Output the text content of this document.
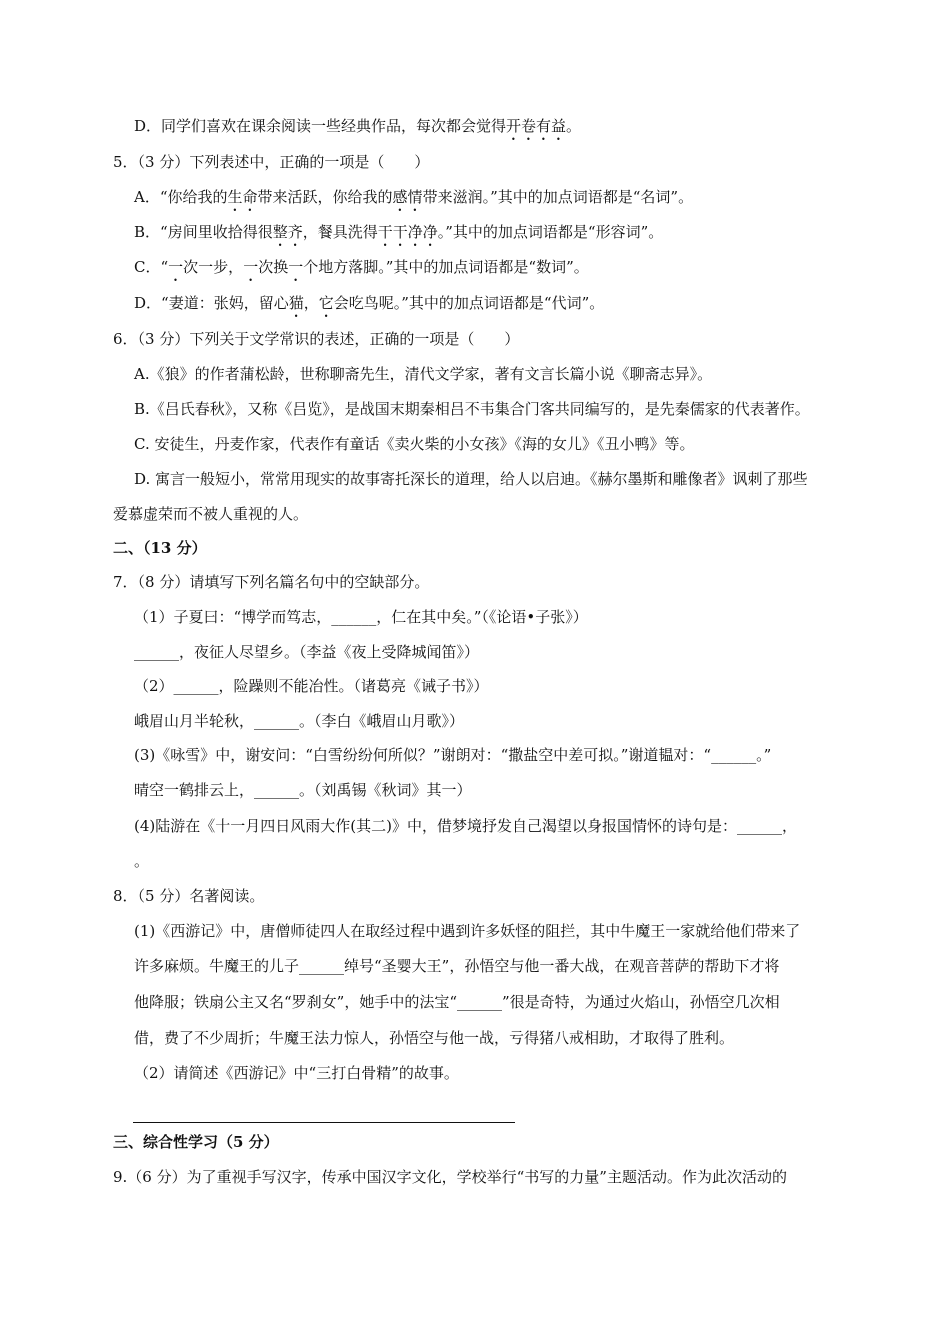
D．同学们喜欢在课余阅读一些经典作品，每次都会觉得开卷有益。
5．（3 分）下列表述中，正确的一项是（　　）
A．“你给我的生命带来活跃，你给我的感情带来滋润。”其中的加点词语都是“名词”。
B．“房间里收拾得很整齐，餐具洗得干干净净。”其中的加点词语都是“形容词”。
C．“一次一步，一次换一个地方落脚。”其中的加点词语都是“数词”。
D．“妻道：张妈，留心猫，它会吃鸟呢。”其中的加点词语都是“代词”。
6．（3 分）下列关于文学常识的表述，正确的一项是（　　）
A.《狼》的作者蒲松龄，世称聊斋先生，清代文学家，著有文言长篇小说《聊斋志异》。
B.《吕氏春秋》，又称《吕览》，是战国末期秦相吕不韦集合门客共同编写的，是先秦儒家的代表著作。
C. 安徒生，丹麦作家，代表作有童话《卖火柴的小女孩》《海的女儿》《丑小鸭》等。
D. 寓言一般短小，常常用现实的故事寄托深长的道理，给人以启迪。《赫尔墨斯和雕像者》讽刺了那些
爱慕虚荣而不被人重视的人。
二、（13 分）
7．（8 分）请填写下列名篇名句中的空缺部分。
（1）子夏曰：“博学而笃志，______，仁在其中矣。”（《论语•子张》）
______，夜征人尽望乡。（李益《夜上受降城闻笛》）
（2）______，险躁则不能冶性。（诸葛亮《诫子书》）
峨眉山月半轮秋，______。（李白《峨眉山月歌》）
(3)《咏雪》中，谢安问：“白雪纷纷何所似？”谢朗对：“撒盐空中差可拟。”谢道韫对：“______。”
晴空一鹤排云上，______。（刘禹锡《秋词》其一）
(4)陆游在《十一月四日风雨大作(其二)》中，借梦境抒发自己渴望以身报国情怀的诗句是：______，
。
8．（5 分）名著阅读。
(1)《西游记》中，唐僧师徒四人在取经过程中遇到许多妖怪的阻拦，其中牛魔王一家就给他们带来了
许多麻烦。牛魔王的儿子______绰号“圣婴大王”，孙悟空与他一番大战，在观音菩萨的帮助下才将
他降服；铁扇公主又名“罗刹女”，她手中的法宝“______”很是奇特，为通过火焰山，孙悟空几次相
借，费了不少周折；牛魔王法力惊人，孙悟空与他一战，亏得猪八戒相助，才取得了胜利。
（2）请简述《西游记》中“三打白骨精”的故事。
三、综合性学习（5 分）
9.（6 分）为了重视手写汉字，传承中国汉字文化，学校举行“书写的力量”主题活动。作为此次活动的
